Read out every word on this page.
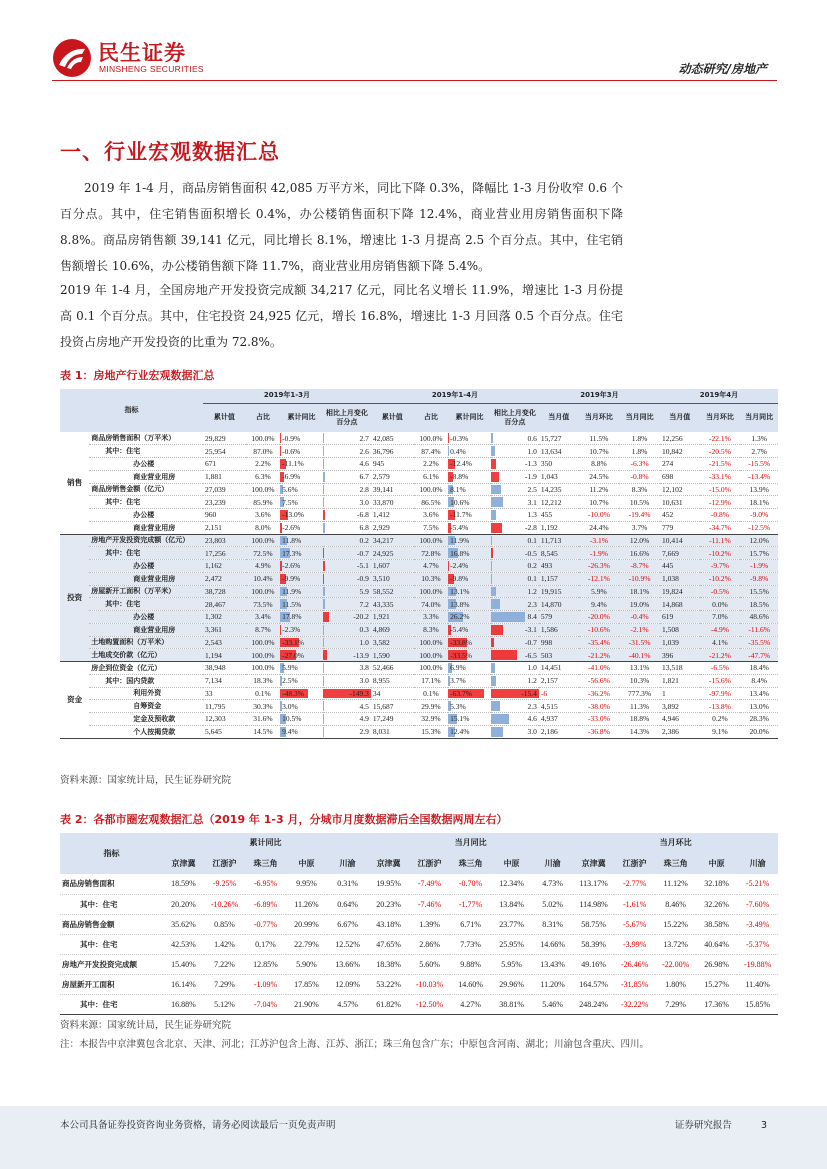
民生证券
MINSHENG SECURITIES	动态研究/房地产
一、行业宏观数据汇总

2019 年 1-4 月，商品房销售面积 42,085 万平方米，同比下降 0.3%，降幅比 1-3 月份收窄 0.6 个百分点。其中，住宅销售面积增长 0.4%，办公楼销售面积下降 12.4%，商业营业用房销售面积下降 8.8%。商品房销售额 39,141 亿元，同比增长 8.1%，增速比 1-3 月提高 2.5 个百分点。其中，住宅销售额增长 10.6%，办公楼销售额下降 11.7%，商业营业用房销售额下降 5.4%。

2019 年 1-4 月，全国房地产开发投资完成额 34,217 亿元，同比名义增长 11.9%，增速比 1-3 月份提高 0.1 个百分点。其中，住宅投资 24,925 亿元，增长 16.8%，增速比 1-3 月回落 0.5 个百分点。住宅投资占房地产开发投资的比重为 72.8%。

表 1：房地产行业宏观数据汇总
指标		2019年1-3月				2019年1-4月				2019年3月			2019年4月		
		累计值	占比	累计同比	相比上月变化百分点	累计值	占比	累计同比	相比上月变化百分点	当月值	当月环比	当月同比	当月值	当月环比	当月同比
销售	商品房销售面积（万平米）	29,829	100.0%	-0.9%	2.7	42,085	100.0%	-0.3%	0.6	15,727	11.5%	1.8%	12,256	-22.1%	1.3%
	其中：住宅	25,954	87.0%	-0.6%	2.6	36,796	87.4%	0.4%	1.0	13,634	10.7%	1.8%	10,842	-20.5%	2.7%
	办公楼	671	2.2%	-11.1%	4.6	945	2.2%	-12.4%	-1.3	350	8.8%	-6.3%	274	-21.5%	-15.5%
	商业营业用房	1,881	6.3%	-6.9%	6.7	2,579	6.1%	-8.8%	-1.9	1,043	24.5%	-0.8%	698	-33.1%	-13.4%
	商品房销售金额（亿元）	27,039	100.0%	5.6%	2.8	39,141	100.0%	8.1%	2.5	14,235	11.2%	8.3%	12,102	-15.0%	13.9%
	其中：住宅	23,239	85.9%	7.5%	3.0	33,870	86.5%	10.6%	3.1	12,212	10.7%	10.5%	10,631	-12.9%	18.1%
	办公楼	960	3.6%	-13.0%	-6.8	1,412	3.6%	-11.7%	1.3	455	-10.0%	-19.4%	452	-0.8%	-9.0%
	商业营业用房	2,151	8.0%	-2.6%	6.8	2,929	7.5%	-5.4%	-2.8	1,192	24.4%	3.7%	779	-34.7%	-12.5%
投资	房地产开发投资完成额（亿元）	23,803	100.0%	11.8%	0.2	34,217	100.0%	11.9%	0.1	11,713	-3.1%	12.0%	10,414	-11.1%	12.0%
	其中：住宅	17,256	72.5%	17.3%	-0.7	24,925	72.8%	16.8%	-0.5	8,545	-1.9%	16.6%	7,669	-10.2%	15.7%
	办公楼	1,162	4.9%	-2.6%	-5.1	1,607	4.7%	-2.4%	0.2	493	-26.3%	-8.7%	445	-9.7%	-1.9%
	商业营业用房	2,472	10.4%	-9.9%	-0.9	3,510	10.3%	-9.8%	0.1	1,157	-12.1%	-10.9%	1,038	-10.2%	-9.8%
	房屋新开工面积（万平米）	38,728	100.0%	11.9%	5.9	58,552	100.0%	13.1%	1.2	19,915	5.9%	18.1%	19,824	-0.5%	15.5%
	其中：住宅	28,467	73.5%	11.5%	7.2	43,335	74.0%	13.8%	2.3	14,870	9.4%	19.0%	14,868	0.0%	18.5%
	办公楼	1,302	3.4%	17.8%	-20.2	1,921	3.3%	26.2%	8.4	579	-20.0%	-0.4%	619	7.0%	48.6%
	商业营业用房	3,361	8.7%	-2.3%	0.3	4,869	8.3%	-5.4%	-3.1	1,586	-10.6%	-2.1%	1,508	-4.9%	-11.6%
	土地购置面积（万平米）	2,543	100.0%	-33.1%	1.0	3,582	100.0%	-33.8%	-0.7	998	-35.4%	-31.5%	1,039	4.1%	-35.5%
	土地成交价款（亿元）	1,194	100.0%	-27.0%	-13.9	1,590	100.0%	-33.5%	-6.5	503	-21.2%	-40.1%	396	-21.2%	-47.7%
资金	房企到位资金（亿元）	38,948	100.0%	5.9%	3.8	52,466	100.0%	6.9%	1.0	14,451	-41.0%	13.1%	13,518	-6.5%	18.4%
	其中：国内贷款	7,134	18.3%	2.5%	3.0	8,955	17.1%	3.7%	1.2	2,157	-56.6%	10.3%	1,821	-15.6%	8.4%
	利用外资	33	0.1%	-48.3%	-149.3	34	0.1%	-63.7%	-15.4	-6	-36.2%	777.3%	1	-97.9%	13.4%
	自筹资金	11,795	30.3%	3.0%	4.5	15,687	29.9%	5.3%	2.3	4,515	-38.0%	11.3%	3,892	-13.8%	13.0%
	定金及预收款	12,303	31.6%	10.5%	4.9	17,249	32.9%	15.1%	4.6	4,937	-33.0%	18.8%	4,946	0.2%	28.3%
	个人按揭贷款	5,645	14.5%	9.4%	2.9	8,031	15.3%	12.4%	3.0	2,186	-36.8%	14.3%	2,386	9.1%	20.0%
资料来源：国家统计局，民生证券研究院
表 2：各都市圈宏观数据汇总（2019 年 1-3 月，分城市月度数据滞后全国数据两周左右）
指标	累计同比					当月同比					当月环比				
	京津冀	江浙沪	珠三角	中原	川渝	京津冀	江浙沪	珠三角	中原	川渝	京津冀	江浙沪	珠三角	中原	川渝
商品房销售面积	18.59%	-9.25%	-6.95%	9.95%	0.31%	19.95%	-7.49%	-0.70%	12.34%	4.73%	113.17%	-2.77%	11.12%	32.18%	-5.21%
其中：住宅	20.20%	-10.26%	-6.89%	11.26%	0.64%	20.23%	-7.46%	-1.77%	13.84%	5.02%	114.98%	-1.61%	8.46%	32.26%	-7.60%
商品房销售金额	35.62%	0.85%	-0.77%	20.99%	6.67%	43.18%	1.39%	6.71%	23.77%	8.31%	58.75%	-5.67%	15.22%	38.58%	-3.49%
其中：住宅	42.53%	1.42%	0.17%	22.79%	12.52%	47.65%	2.86%	7.73%	25.95%	14.66%	58.39%	-3.99%	13.72%	40.64%	-5.37%
房地产开发投资完成额	15.40%	7.22%	12.85%	5.90%	13.66%	18.38%	5.60%	9.88%	5.95%	13.43%	49.16%	-26.46%	-22.00%	26.98%	-19.88%
房屋新开工面积	16.14%	7.29%	-1.09%	17.85%	12.09%	53.22%	-10.03%	14.60%	29.96%	11.20%	164.57%	-31.85%	1.80%	15.27%	11.40%
其中：住宅	16.88%	5.12%	-7.04%	21.90%	4.57%	61.82%	-12.50%	4.27%	38.81%	5.46%	248.24%	-32.22%	7.29%	17.36%	15.85%
资料来源：国家统计局，民生证券研究院
注：本报告中京津冀包含北京、天津、河北；江苏沪包含上海、江苏、浙江；珠三角包含广东；中原包含河南、湖北；川渝包含重庆、四川。
本公司具备证券投资咨询业务资格，请务必阅读最后一页免责声明	证券研究报告	3
